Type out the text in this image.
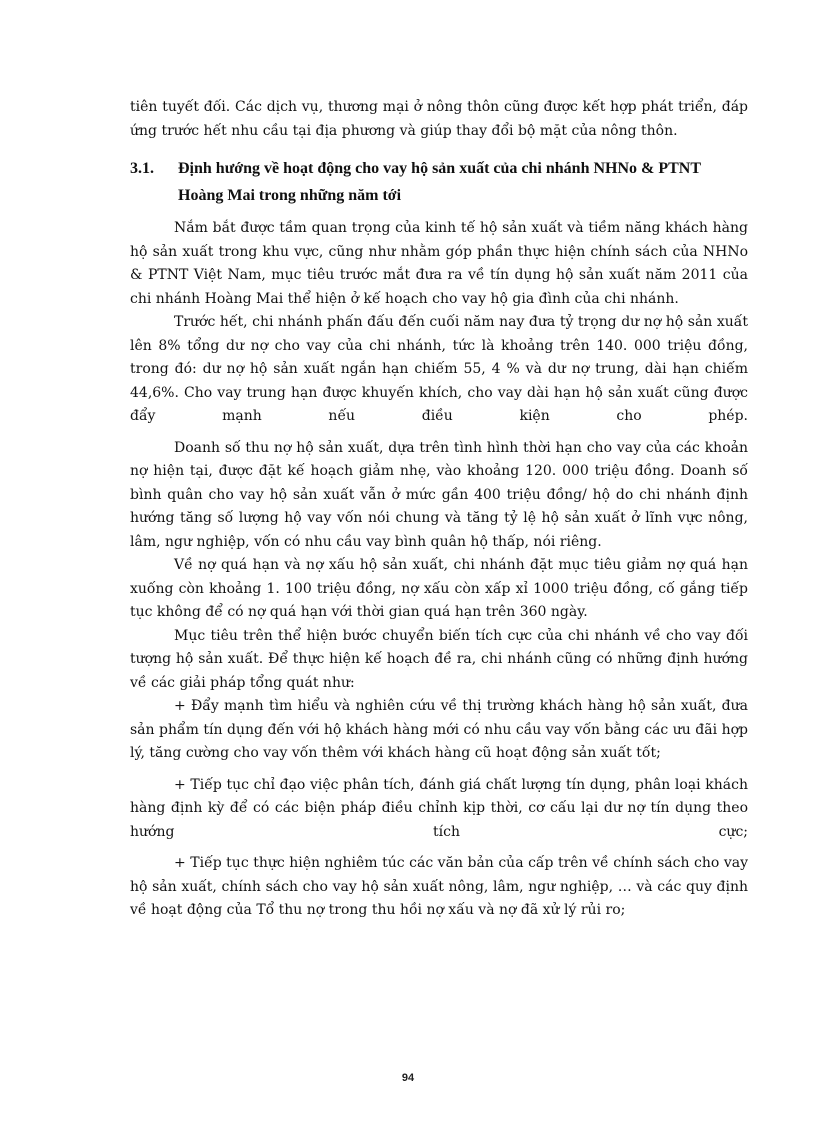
tiên tuyết đối. Các dịch vụ, thương mại ở nông thôn cũng được kết hợp phát triển, đáp ứng trước hết nhu cầu tại địa phương và giúp thay đổi bộ mặt của nông thôn.

3.1.	Định hướng về hoạt động cho vay hộ sản xuất của chi nhánh NHNo & PTNT Hoàng Mai trong những năm tới

Nắm bắt được tầm quan trọng của kinh tế hộ sản xuất và tiềm năng khách hàng hộ sản xuất trong khu vực, cũng như nhằm góp phần thực hiện chính sách của NHNo & PTNT Việt Nam, mục tiêu trước mắt đưa ra về tín dụng hộ sản xuất năm 2011 của chi nhánh Hoàng Mai thể hiện ở kế hoạch cho vay hộ gia đình của chi nhánh.

Trước hết, chi nhánh phấn đấu đến cuối năm nay đưa tỷ trọng dư nợ hộ sản xuất lên 8% tổng dư nợ cho vay của chi nhánh, tức là khoảng trên 140. 000 triệu đồng, trong đó: dư nợ hộ sản xuất ngắn hạn chiếm 55, 4 % và dư nợ trung, dài hạn chiếm 44,6%. Cho vay trung hạn được khuyến khích, cho vay dài hạn hộ sản xuất cũng được đẩy mạnh nếu điều kiện cho phép.

Doanh số thu nợ hộ sản xuất, dựa trên tình hình thời hạn cho vay của các khoản nợ hiện tại, được đặt kế hoạch giảm nhẹ, vào khoảng 120. 000 triệu đồng. Doanh số bình quân cho vay hộ sản xuất vẫn ở mức gần 400 triệu đồng/ hộ do chi nhánh định hướng tăng số lượng hộ vay vốn nói chung và tăng tỷ lệ hộ sản xuất ở lĩnh vực nông, lâm, ngư nghiệp, vốn có nhu cầu vay bình quân hộ thấp, nói riêng.

Về nợ quá hạn và nợ xấu hộ sản xuất, chi nhánh đặt mục tiêu giảm nợ quá hạn xuống còn khoảng 1. 100 triệu đồng, nợ xấu còn xấp xỉ 1000 triệu đồng, cố gắng tiếp tục không để có nợ quá hạn với thời gian quá hạn trên 360 ngày.

Mục tiêu trên thể hiện bước chuyển biến tích cực của chi nhánh về cho vay đối tượng hộ sản xuất. Để thực hiện kế hoạch đề ra, chi nhánh cũng có những định hướng về các giải pháp tổng quát như:

+ Đẩy mạnh tìm hiểu và nghiên cứu về thị trường khách hàng hộ sản xuất, đưa sản phẩm tín dụng đến với hộ khách hàng mới có nhu cầu vay vốn bằng các ưu đãi hợp lý, tăng cường cho vay vốn thêm với khách hàng cũ hoạt động sản xuất tốt;

+ Tiếp tục chỉ đạo việc phân tích, đánh giá chất lượng tín dụng, phân loại khách hàng định kỳ để có các biện pháp điều chỉnh kịp thời, cơ cấu lại dư nợ tín dụng theo hướng tích cực;

+ Tiếp tục thực hiện nghiêm túc các văn bản của cấp trên về chính sách cho vay hộ sản xuất, chính sách cho vay hộ sản xuất nông, lâm, ngư nghiệp, … và các quy định về hoạt động của Tổ thu nợ trong thu hồi nợ xấu và nợ đã xử lý rủi ro;

94
